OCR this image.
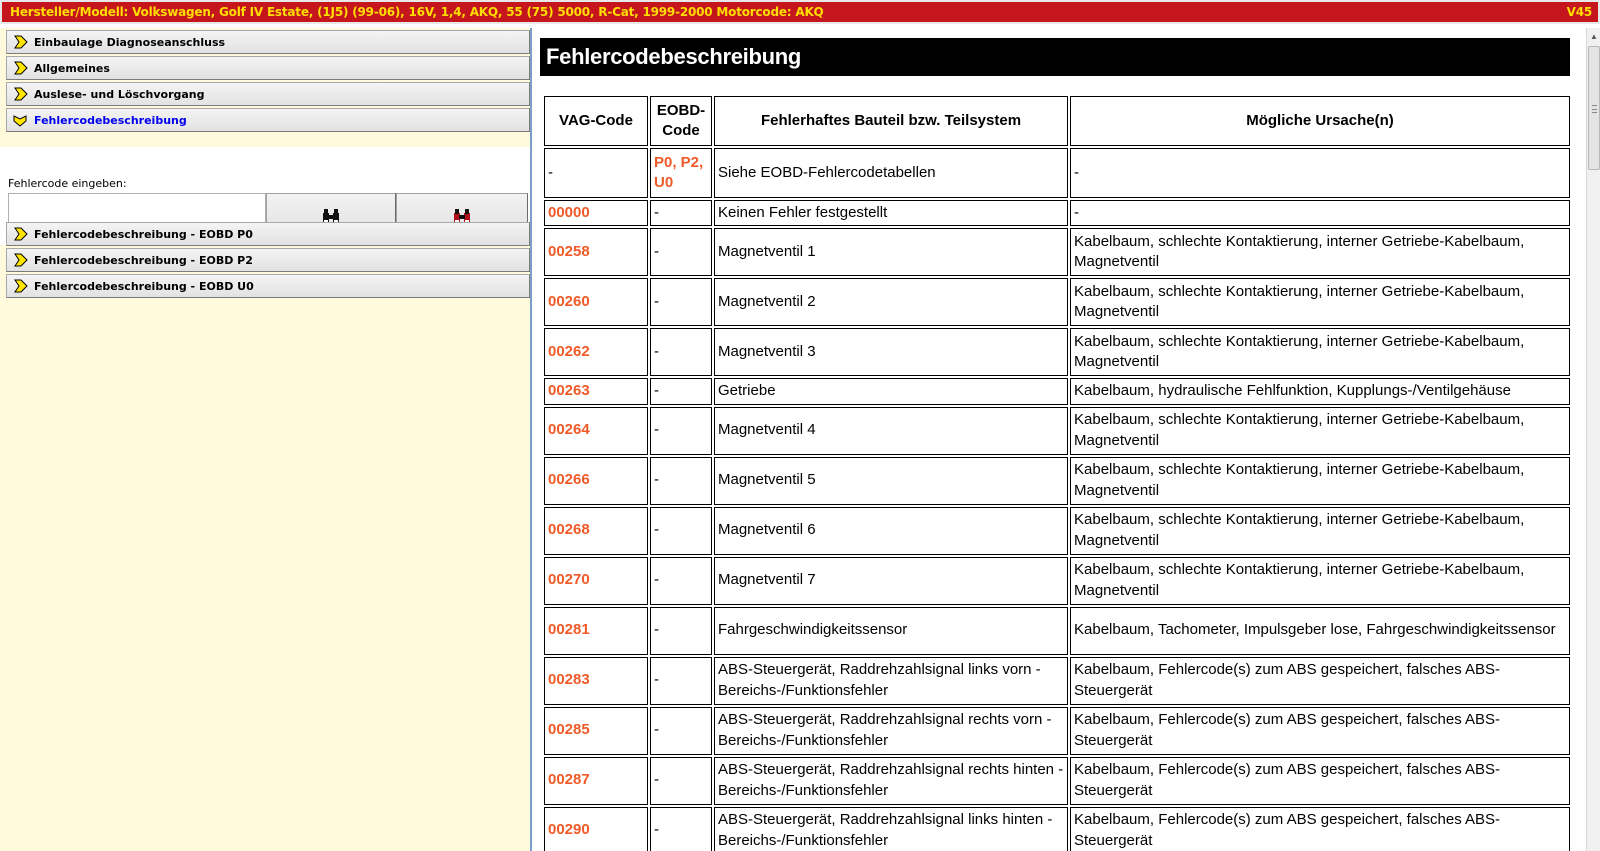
Hersteller/Modell: Volkswagen, Golf IV Estate, (1J5) (99-06), 16V, 1,4, AKQ, 55 (75) 5000, R-Cat, 1999-2000 Motorcode: AKQ	V45
Einbaulage Diagnoseanschluss
Allgemeines
Auslese- und Löschvorgang
Fehlercodebeschreibung
Fehlercode eingeben:
Fehlercodebeschreibung - EOBD P0
Fehlercodebeschreibung - EOBD P2
Fehlercodebeschreibung - EOBD U0
Fehlercodebeschreibung
VAG-Code	EOBD-Code	Fehlerhaftes Bauteil bzw. Teilsystem	Mögliche Ursache(n)
-	P0, P2, U0	Siehe EOBD-Fehlercodetabellen	-
00000	-	Keinen Fehler festgestellt	-
00258	-	Magnetventil 1	Kabelbaum, schlechte Kontaktierung, interner Getriebe-Kabelbaum, Magnetventil
00260	-	Magnetventil 2	Kabelbaum, schlechte Kontaktierung, interner Getriebe-Kabelbaum, Magnetventil
00262	-	Magnetventil 3	Kabelbaum, schlechte Kontaktierung, interner Getriebe-Kabelbaum, Magnetventil
00263	-	Getriebe	Kabelbaum, hydraulische Fehlfunktion, Kupplungs-/Ventilgehäuse
00264	-	Magnetventil 4	Kabelbaum, schlechte Kontaktierung, interner Getriebe-Kabelbaum, Magnetventil
00266	-	Magnetventil 5	Kabelbaum, schlechte Kontaktierung, interner Getriebe-Kabelbaum, Magnetventil
00268	-	Magnetventil 6	Kabelbaum, schlechte Kontaktierung, interner Getriebe-Kabelbaum, Magnetventil
00270	-	Magnetventil 7	Kabelbaum, schlechte Kontaktierung, interner Getriebe-Kabelbaum, Magnetventil
00281	-	Fahrgeschwindigkeitssensor	Kabelbaum, Tachometer, Impulsgeber lose, Fahrgeschwindigkeitssensor
00283	-	ABS-Steuergerät, Raddrehzahlsignal links vorn - Bereichs-/Funktionsfehler	Kabelbaum, Fehlercode(s) zum ABS gespeichert, falsches ABS-Steuergerät
00285	-	ABS-Steuergerät, Raddrehzahlsignal rechts vorn - Bereichs-/Funktionsfehler	Kabelbaum, Fehlercode(s) zum ABS gespeichert, falsches ABS-Steuergerät
00287	-	ABS-Steuergerät, Raddrehzahlsignal rechts hinten - Bereichs-/Funktionsfehler	Kabelbaum, Fehlercode(s) zum ABS gespeichert, falsches ABS-Steuergerät
00290	-	ABS-Steuergerät, Raddrehzahlsignal links hinten - Bereichs-/Funktionsfehler	Kabelbaum, Fehlercode(s) zum ABS gespeichert, falsches ABS-Steuergerät
▲
